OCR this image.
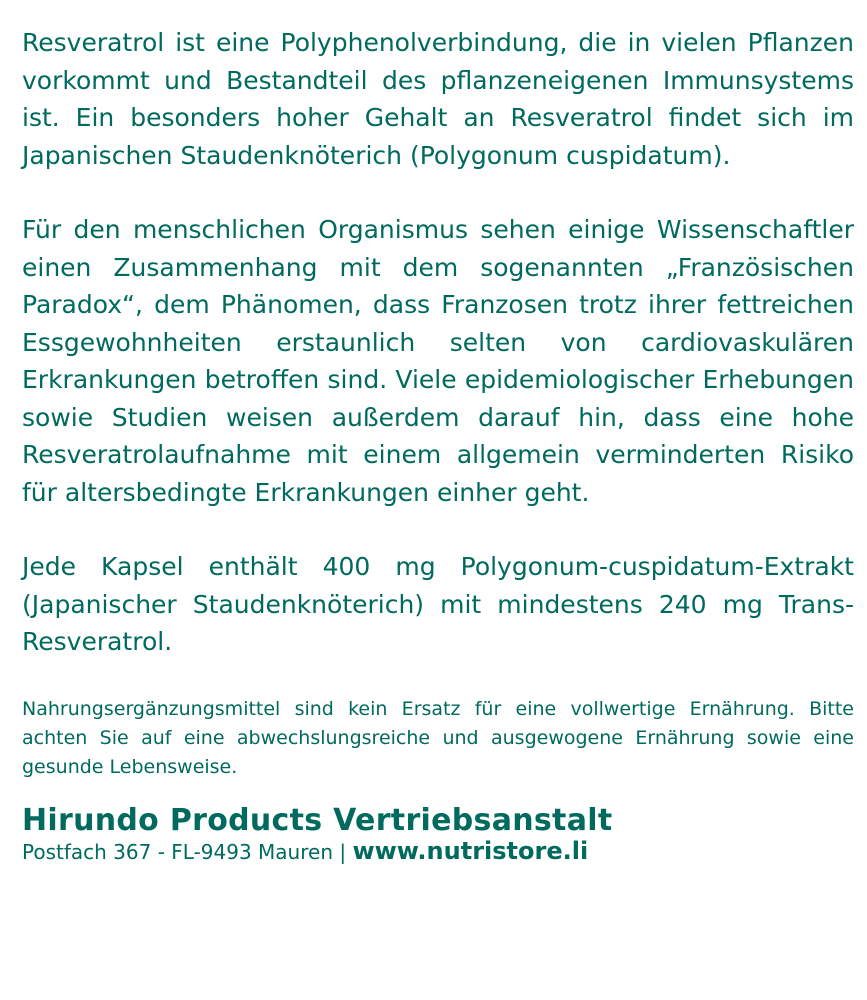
Resveratrol ist eine Polyphenolverbindung, die in vielen Pflanzen vorkommt und Bestandteil des pflanzeneigenen Immunsystems ist. Ein besonders hoher Gehalt an Resveratrol findet sich im Japanischen Staudenknöterich (Polygonum cuspidatum).

Für den menschlichen Organismus sehen einige Wissenschaftler einen Zusammenhang mit dem sogenannten „Französischen Paradox“, dem Phänomen, dass Franzosen trotz ihrer fettreichen Essgewohnheiten erstaunlich selten von cardiovaskulären Erkrankungen betroffen sind. Viele epidemiologischer Erhebungen sowie Studien weisen außerdem darauf hin, dass eine hohe Resveratrolaufnahme mit einem allgemein verminderten Risiko für altersbedingte Erkrankungen einher geht.

Jede Kapsel enthält 400 mg Polygonum-cuspidatum-Extrakt (Japanischer Staudenknöterich) mit mindestens 240 mg Trans-Resveratrol.

Nahrungsergänzungsmittel sind kein Ersatz für eine vollwertige Ernährung. Bitte achten Sie auf eine abwechslungsreiche und ausgewogene Ernährung sowie eine gesunde Lebensweise.

Hirundo Products Vertriebsanstalt
Postfach 367 - FL-9493 Mauren | www.nutristore.li
